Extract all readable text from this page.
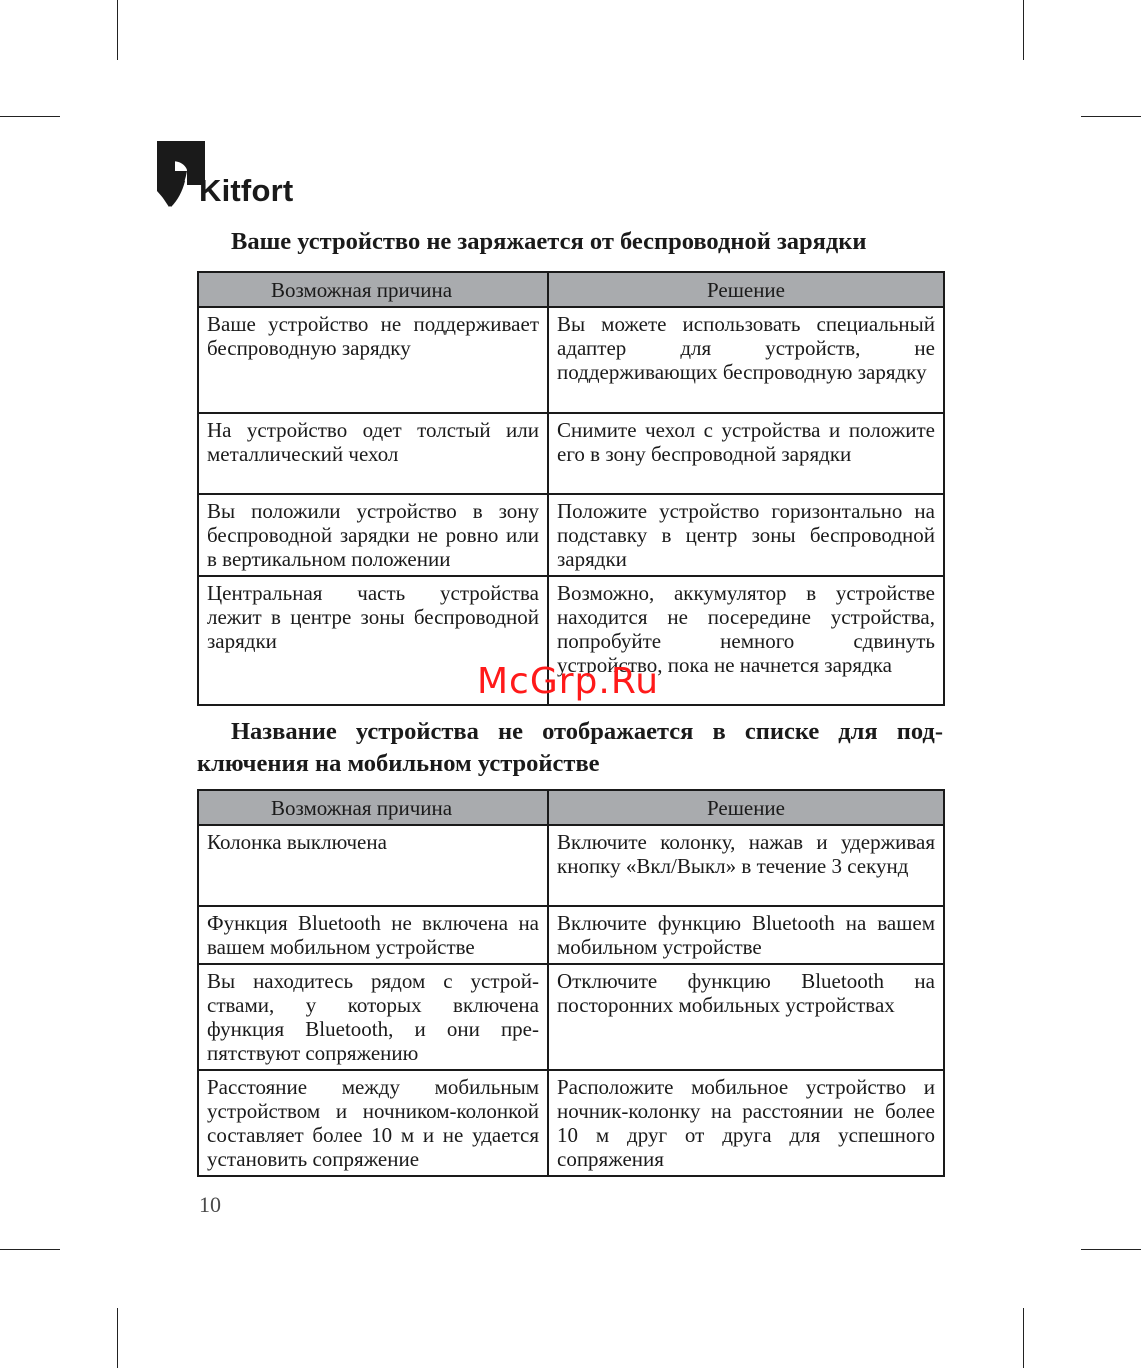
Kitfort
Ваше устройство не заряжается от беспроводной зарядки
Возможная причина	Решение
Ваше устройство не поддерживает беспроводную зарядку	Вы можете использовать специальный адаптер для устройств, не поддерживающих беспроводную зарядку
На устройство одет толстый или металлический чехол	Снимите чехол с устройства и положите его в зону беспроводной зарядки
Вы положили устройство в зону беспроводной зарядки не ровно или в вертикальном положении	Положите устройство горизонтально на подставку в центр зоны беспроводной зарядки
Центральная часть устройства лежит в центре зоны беспроводной зарядки	Возможно, аккумулятор в устройстве находится не посередине устройства, попробуйте немного сдвинуть устройство, пока не начнется зарядка
Название устройства не отображается в списке для подключения на мобильном устройстве
Возможная причина	Решение
Колонка выключена	Включите колонку, нажав и удерживая кнопку «Вкл/Выкл» в течение 3 секунд
Функция Bluetooth не включена на вашем мобильном устройстве	Включите функцию Bluetooth на вашем мобильном устройстве
Вы находитесь рядом с устройствами, у которых включена функция Bluetooth, и они препятствуют сопряжению	Отключите функцию Bluetooth на посторонних мобильных устройствах
Расстояние между мобильным устройством и ночником-колонкой составляет более 10 м и не удается установить сопряжение	Расположите мобильное устройство и ночник-колонку на расстоянии не более 10 м друг от друга для успешного сопряжения
McGrp.Ru
10
